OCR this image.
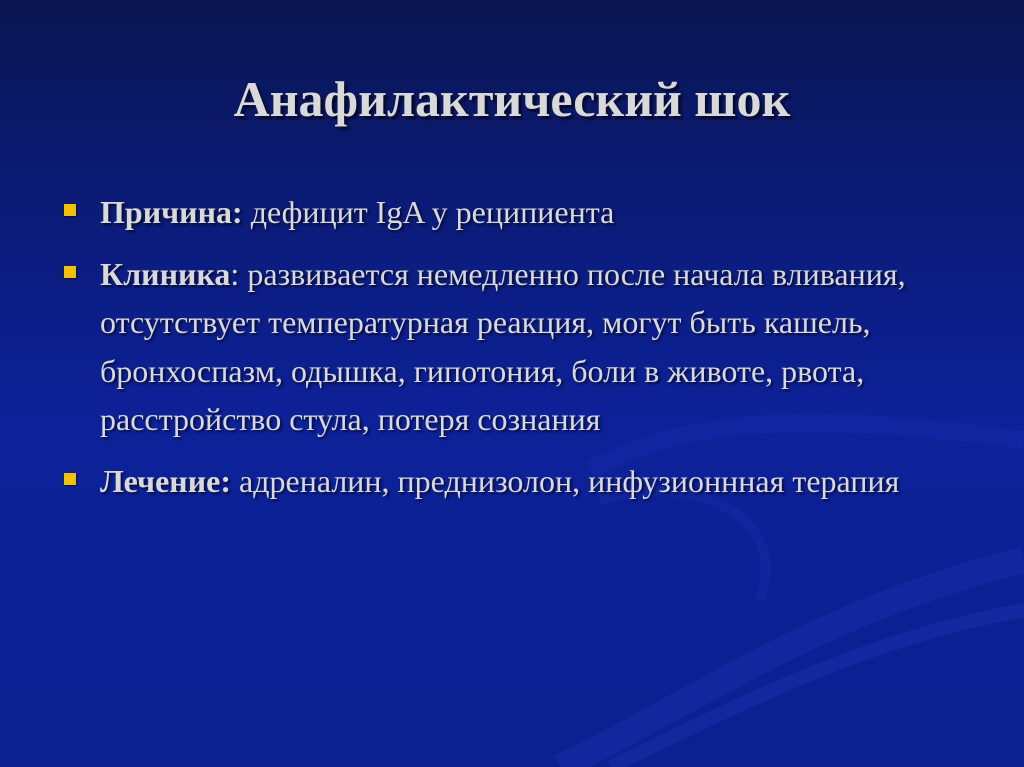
Анафилактический шок
Причина: дефицит IgA у реципиента
Клиника: развивается немедленно после начала вливания, отсутствует температурная реакция, могут быть кашель, бронхоспазм, одышка, гипотония, боли в животе, рвота, расстройство стула, потеря сознания
Лечение: адреналин, преднизолон, инфузионнная терапия
